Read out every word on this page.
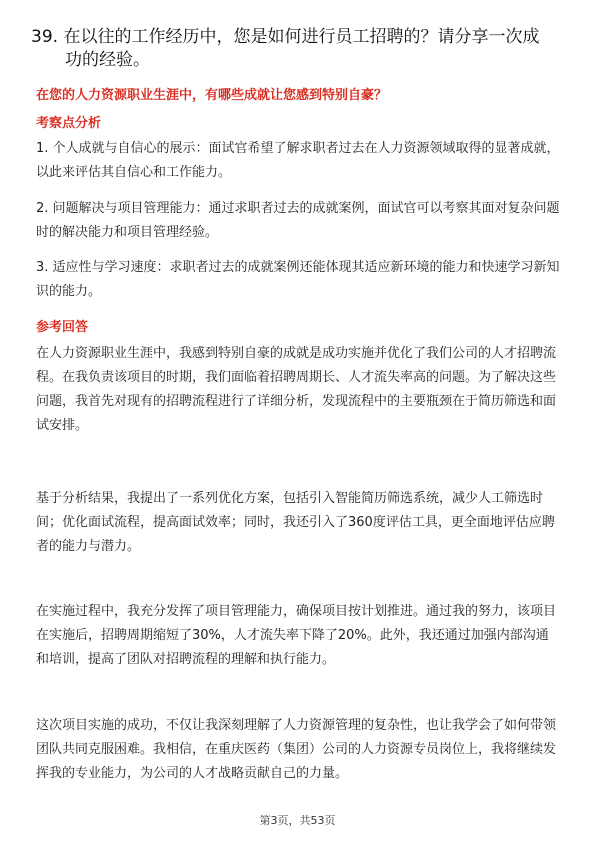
39. 在以往的工作经历中，您是如何进行员工招聘的？请分享一次成
功的经验。
在您的人力资源职业生涯中，有哪些成就让您感到特别自豪？
考察点分析
1. 个人成就与自信心的展示：面试官希望了解求职者过去在人力资源领域取得的显著成就，以此来评估其自信心和工作能力。
2. 问题解决与项目管理能力：通过求职者过去的成就案例，面试官可以考察其面对复杂问题时的解决能力和项目管理经验。
3. 适应性与学习速度：求职者过去的成就案例还能体现其适应新环境的能力和快速学习新知识的能力。
参考回答
在人力资源职业生涯中，我感到特别自豪的成就是成功实施并优化了我们公司的人才招聘流程。在我负责该项目的时期，我们面临着招聘周期长、人才流失率高的问题。为了解决这些问题，我首先对现有的招聘流程进行了详细分析，发现流程中的主要瓶颈在于简历筛选和面试安排。
基于分析结果，我提出了一系列优化方案，包括引入智能简历筛选系统，减少人工筛选时间；优化面试流程，提高面试效率；同时，我还引入了360度评估工具，更全面地评估应聘者的能力与潜力。
在实施过程中，我充分发挥了项目管理能力，确保项目按计划推进。通过我的努力，该项目在实施后，招聘周期缩短了30%，人才流失率下降了20%。此外，我还通过加强内部沟通和培训，提高了团队对招聘流程的理解和执行能力。
这次项目实施的成功，不仅让我深刻理解了人力资源管理的复杂性，也让我学会了如何带领团队共同克服困难。我相信，在重庆医药（集团）公司的人力资源专员岗位上，我将继续发挥我的专业能力，为公司的人才战略贡献自己的力量。
第3页，共53页
